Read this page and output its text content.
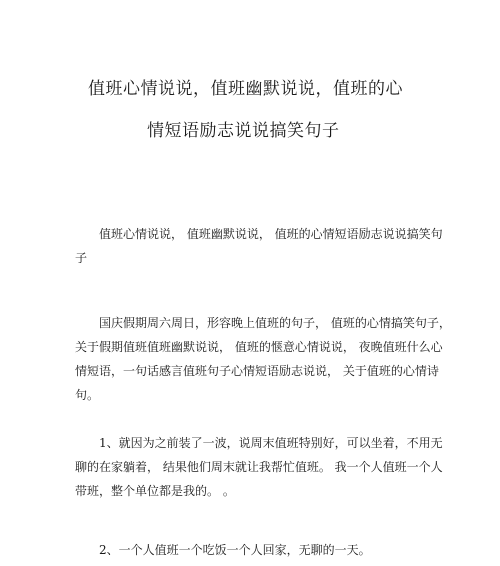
值班心情说说，值班幽默说说，值班的心
情短语励志说说搞笑句子

　　值班心情说说， 值班幽默说说， 值班的心情短语励志说说搞笑句
子

　　国庆假期周六周日，形容晚上值班的句子， 值班的心情搞笑句子，
关于假期值班值班幽默说说， 值班的惬意心情说说， 夜晚值班什么心
情短语，一句话感言值班句子心情短语励志说说， 关于值班的心情诗
句。

　　1、就因为之前装了一波，说周末值班特别好，可以坐着，不用无
聊的在家躺着， 结果他们周末就让我帮忙值班。 我一个人值班一个人
带班，整个单位都是我的。 。

　　2、一个人值班一个吃饭一个人回家，无聊的一天。
